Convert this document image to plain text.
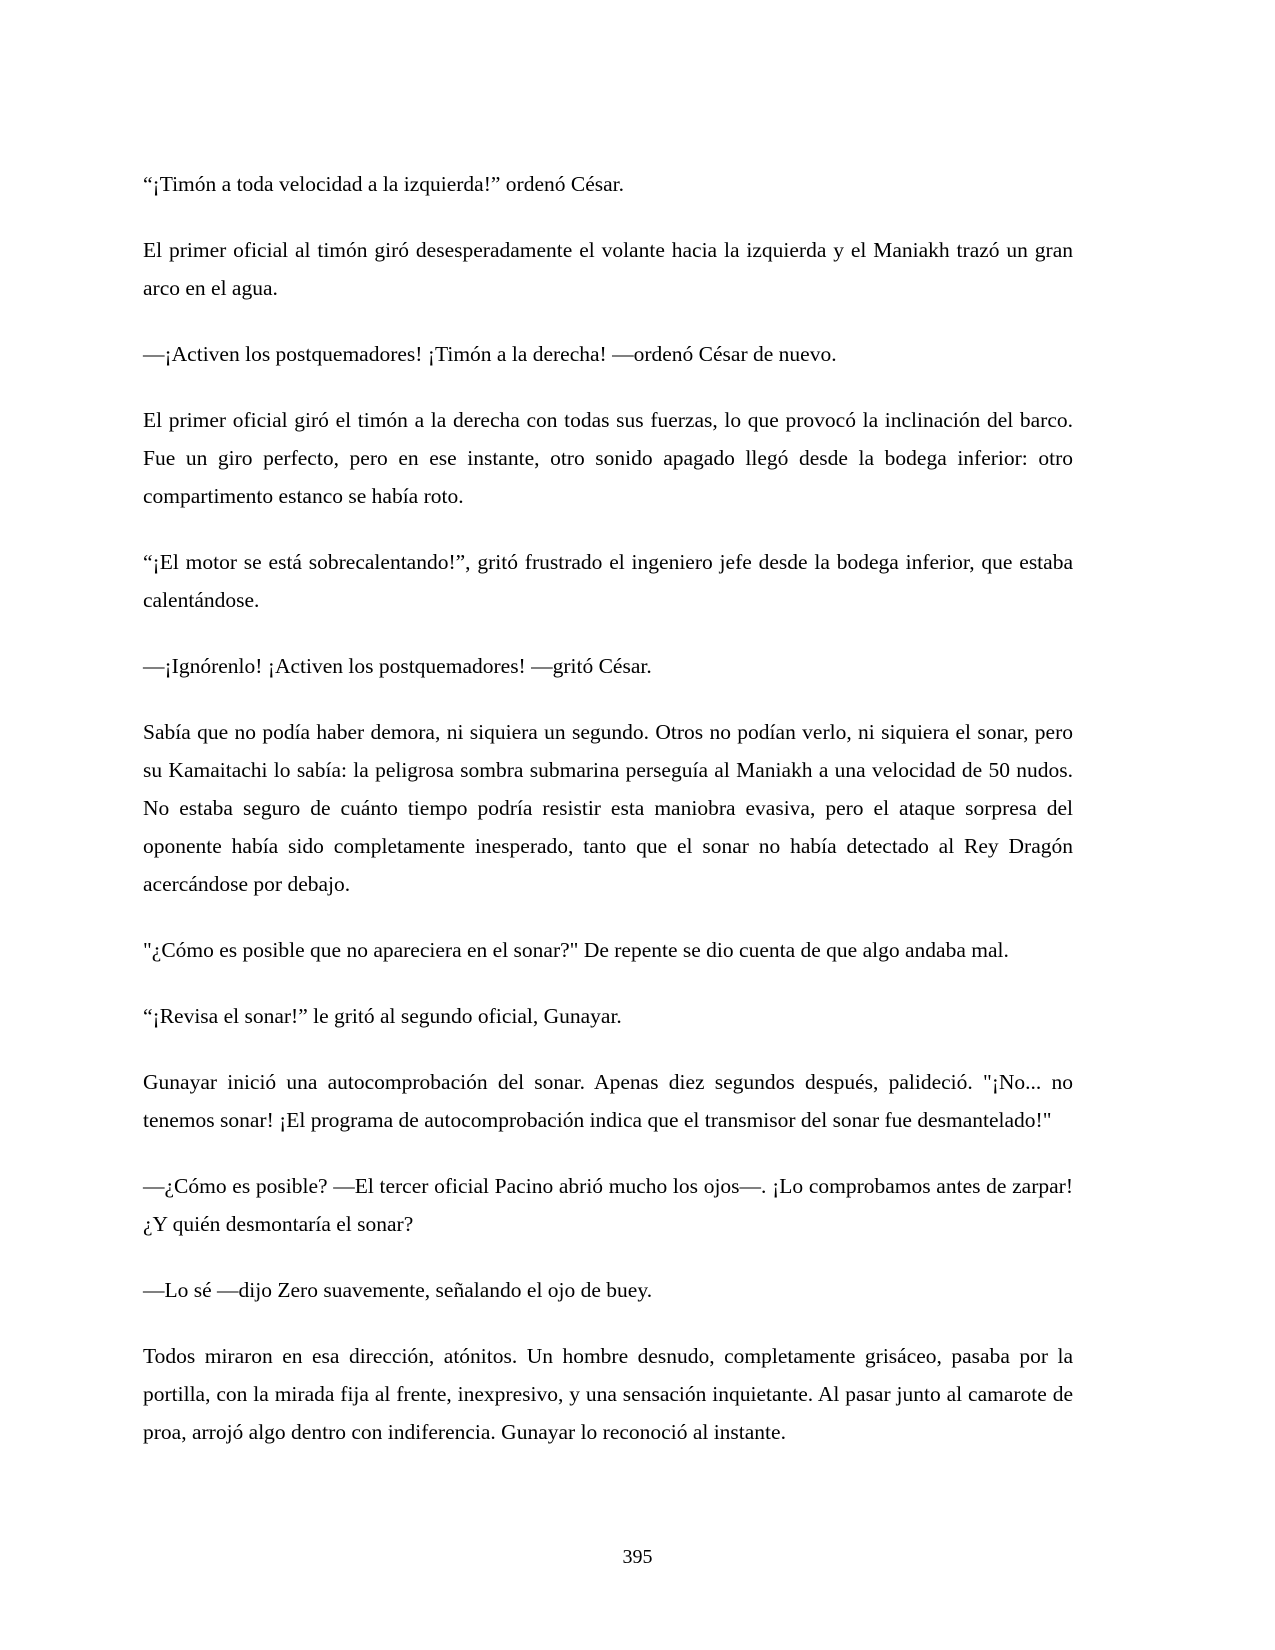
“¡Timón a toda velocidad a la izquierda!” ordenó César.

El primer oficial al timón giró desesperadamente el volante hacia la izquierda y el Maniakh trazó un gran arco en el agua.

—¡Activen los postquemadores! ¡Timón a la derecha! —ordenó César de nuevo.

El primer oficial giró el timón a la derecha con todas sus fuerzas, lo que provocó la inclinación del barco. Fue un giro perfecto, pero en ese instante, otro sonido apagado llegó desde la bodega inferior: otro compartimento estanco se había roto.

“¡El motor se está sobrecalentando!”, gritó frustrado el ingeniero jefe desde la bodega inferior, que estaba calentándose.

—¡Ignórenlo! ¡Activen los postquemadores! —gritó César.

Sabía que no podía haber demora, ni siquiera un segundo. Otros no podían verlo, ni siquiera el sonar, pero su Kamaitachi lo sabía: la peligrosa sombra submarina perseguía al Maniakh a una velocidad de 50 nudos. No estaba seguro de cuánto tiempo podría resistir esta maniobra evasiva, pero el ataque sorpresa del oponente había sido completamente inesperado, tanto que el sonar no había detectado al Rey Dragón acercándose por debajo.

"¿Cómo es posible que no apareciera en el sonar?" De repente se dio cuenta de que algo andaba mal.

“¡Revisa el sonar!” le gritó al segundo oficial, Gunayar.

Gunayar inició una autocomprobación del sonar. Apenas diez segundos después, palideció. "¡No... no tenemos sonar! ¡El programa de autocomprobación indica que el transmisor del sonar fue desmantelado!"

—¿Cómo es posible? —El tercer oficial Pacino abrió mucho los ojos—. ¡Lo comprobamos antes de zarpar! ¿Y quién desmontaría el sonar?

—Lo sé —dijo Zero suavemente, señalando el ojo de buey.

Todos miraron en esa dirección, atónitos. Un hombre desnudo, completamente grisáceo, pasaba por la portilla, con la mirada fija al frente, inexpresivo, y una sensación inquietante. Al pasar junto al camarote de proa, arrojó algo dentro con indiferencia. Gunayar lo reconoció al instante.

395
